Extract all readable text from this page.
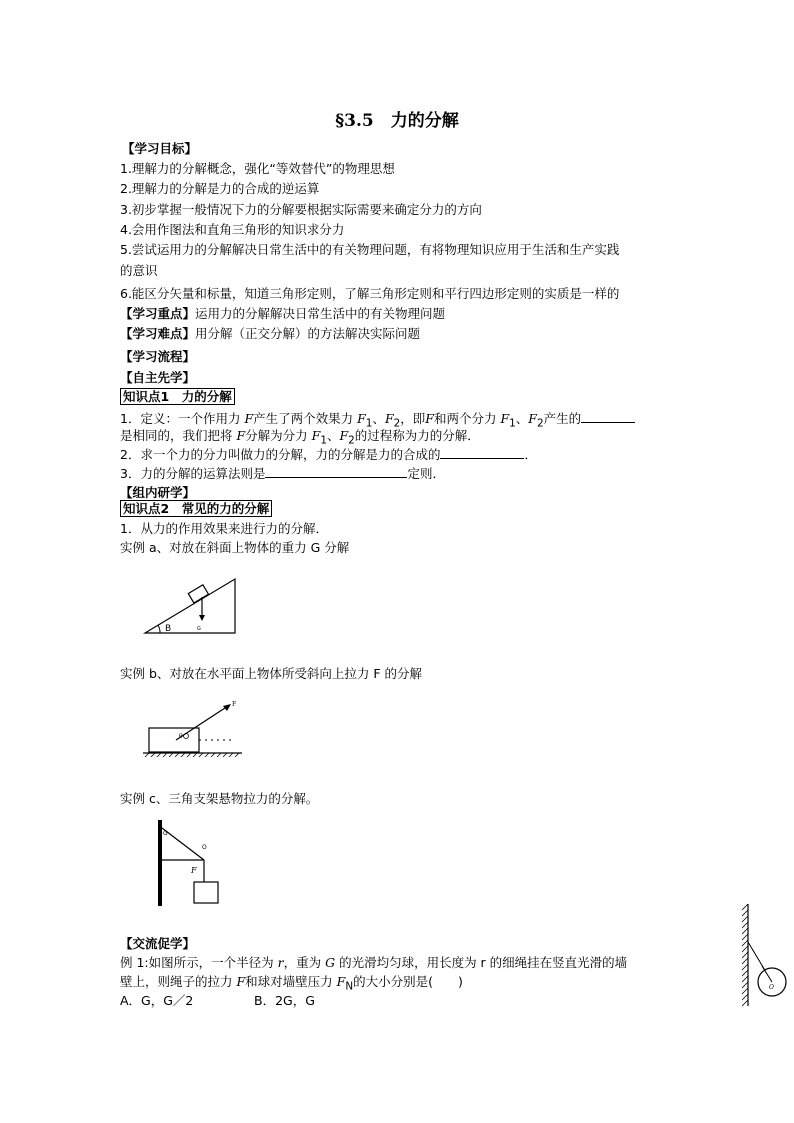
§3.5　力的分解
【学习目标】
1.理解力的分解概念，强化“等效替代”的物理思想
2.理解力的分解是力的合成的逆运算
3.初步掌握一般情况下力的分解要根据实际需要来确定分力的方向
4.会用作图法和直角三角形的知识求分力
5.尝试运用力的分解解决日常生活中的有关物理问题，有将物理知识应用于生活和生产实践
的意识
6.能区分矢量和标量，知道三角形定则，了解三角形定则和平行四边形定则的实质是一样的
【学习重点】运用力的分解解决日常生活中的有关物理问题
【学习难点】用分解（正交分解）的方法解决实际问题
【学习流程】
【自主先学】
知识点1　力的分解
1．定义：一个作用力 F产生了两个效果力 $F_1$、$F_2$，即F和两个分力 $F_1$、$F_2$产生的
是相同的，我们把将 F分解为分力 $F_1$、$F_2$的过程称为力的分解．
2．求一个力的分力叫做力的分解，力的分解是力的合成的	．
3．力的分解的运算法则是	定则．
【组内研学】
知识点2　常见的力的分解
1．从力的作用效果来进行力的分解．
实例 a、对放在斜面上物体的重力 G 分解
B	G
实例 b、对放在水平面上物体所受斜向上拉力 F 的分解
θ
F
实例 c、三角支架悬物拉力的分解。
G
O
F
【交流促学】
例 1:如图所示，一个半径为 r，重为 G 的光滑均匀球，用长度为 r 的细绳挂在竖直光滑的墙
壁上，则绳子的拉力 F和球对墙壁压力 $F_N$的大小分别是(　　)
A．G，G／2	B．2G，G
O
